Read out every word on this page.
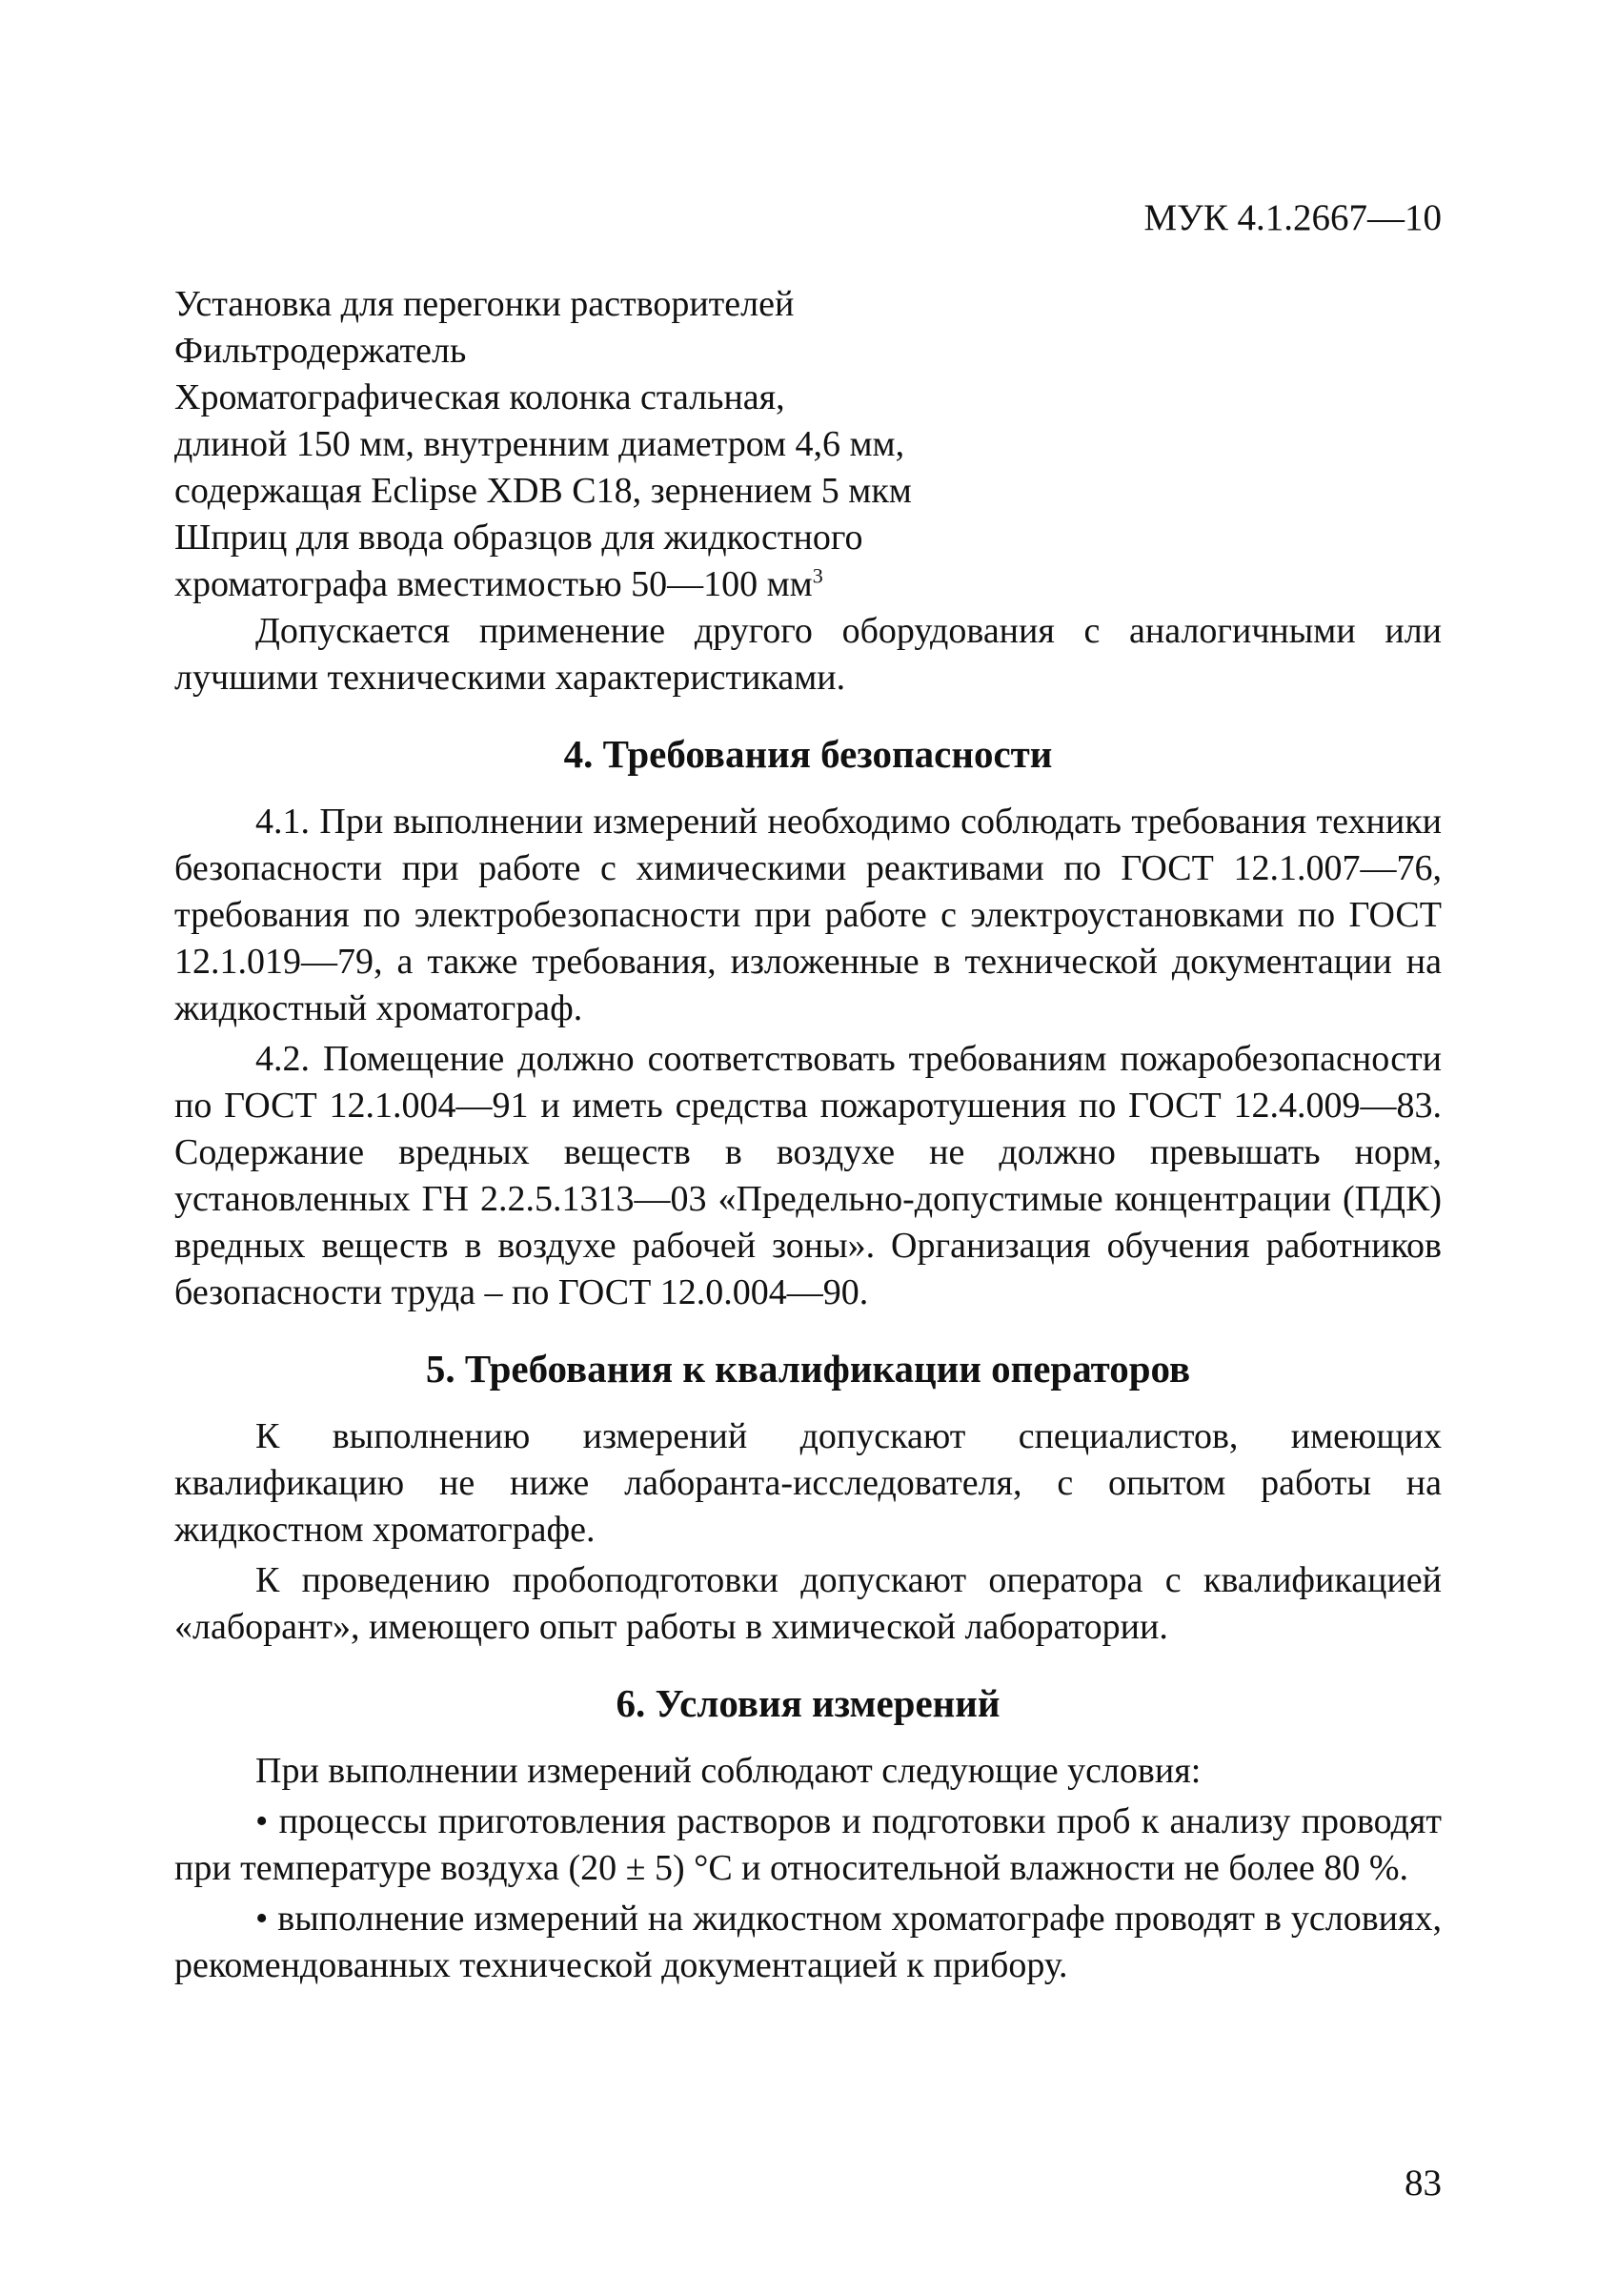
МУК 4.1.2667—10
Установка для перегонки растворителей
Фильтродержатель
Хроматографическая колонка стальная,
длиной 150 мм, внутренним диаметром 4,6 мм,
содержащая Eclipse XDB C18, зернением 5 мкм
Шприц для ввода образцов для жидкостного
хроматографа вместимостью 50—100 $мм^3$

Допускается применение другого оборудования с аналогичными или лучшими техническими характеристиками.

4. Требования безопасности

4.1. При выполнении измерений необходимо соблюдать требования техники безопасности при работе с химическими реактивами по ГОСТ 12.1.007—76, требования по электробезопасности при работе с электроустановками по ГОСТ 12.1.019—79, а также требования, изложенные в технической документации на жидкостный хроматограф.

4.2. Помещение должно соответствовать требованиям пожаробезопасности по ГОСТ 12.1.004—91 и иметь средства пожаротушения по ГОСТ 12.4.009—83. Содержание вредных веществ в воздухе не должно превышать норм, установленных ГН 2.2.5.1313—03 «Предельно-допустимые концентрации (ПДК) вредных веществ в воздухе рабочей зоны». Организация обучения работников безопасности труда – по ГОСТ 12.0.004—90.

5. Требования к квалификации операторов

К выполнению измерений допускают специалистов, имеющих квалификацию не ниже лаборанта-исследователя, с опытом работы на жидкостном хроматографе.

К проведению пробоподготовки допускают оператора с квалификацией «лаборант», имеющего опыт работы в химической лаборатории.

6. Условия измерений

При выполнении измерений соблюдают следующие условия:

• процессы приготовления растворов и подготовки проб к анализу проводят при температуре воздуха (20 ± 5) °С и относительной влажности не более 80 %.

• выполнение измерений на жидкостном хроматографе проводят в условиях, рекомендованных технической документацией к прибору.

83
